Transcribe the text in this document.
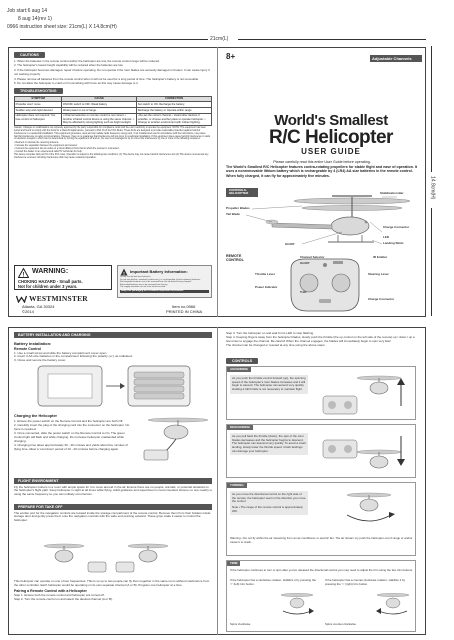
Job start:6 aug 14
8 aug 14(rev 1)
0966 instruction sheet size: 21cm(L) X 14.8cm(H)
21cm(L)
14.8cm(H)
CAUTIONS

1. When the batteries in the remote control and/or the helicopter are low, the remote control range will be reduced.

2. The helicopter's lowest height capability will be reduced when the batteries are low.

3. If the helicopter becomes damaged, repair it before operating. Do not operate if the rotor blades are seriously damaged or broken. It can cause injury if not working properly.

4. Please remove all batteries from the remote control when it will not be used for a long period of time. The helicopter's battery is not removable.

5. Do not allow the helicopter to crash or hit something with force as this may cause damage to it.

TROUBLESHOOTING
SYMPTOM	CAUSE	CORRECTION
Propeller won't move	ON/OFF switch is OFF. Weak battery	Set switch to ON. Recharge the battery.
Sudden stop and rapid descent	Weak power or out of range.	Recharge the battery or Operate within range.
Helicopter does not respond. You lose control of helicopter	• Channel selection on remote control is not correct. • Another infrared control device is using the same channel. • May be affected by strong lighting such as bright sunlight.	• Re-set the correct channel. • Avoid other devices if possible, or choose another place to operate helicopter. • Change to another environment with indirect lighting.

Caution: Changes or modifications not expressly approved by the party responsible for compliance could void the user's authority to operate the equipment. NOTE: This equipment has been tested and found to comply with the limits for a Class B digital device, pursuant to Part 15 of the FCC Rules. These limits are designed to provide reasonable protection against harmful interference in a residential installation. This equipment generates, uses and can radiate radio frequency energy and, if not installed and used in accordance with the instructions, may cause harmful interference to radio communications. However, there is no guarantee that interference will not occur in a particular installation. If this equipment does cause harmful interference to radio or television reception, which can be determined by turning the equipment off and on, the user is encouraged to try to correct the interference by one or more of the following measures:

• Reorient or relocate the receiving antenna.

• Increase the separation between the equipment and receiver.

• Connect the equipment into an outlet on a circuit different from that to which the receiver is connected.

• Consult the dealer or an experienced radio/TV technician for help.

This device complies with part 15 of the FCC rules. Operation is subject to the following two conditions: (1) This device may not cause harmful interference and (2) This device must accept any interference received, including interference that may cause undesired operation.

! WARNING:
CHOKING HAZARD - Small parts.
Not for children under 3 years.
! Important Battery Information:
Do not mix old and new batteries.
Do not mix alkaline, standard (carbon-zinc), or rechargeable (nickel-cadmium) batteries.
Rechargeable batteries are to be removed from the toy before being charged.
Exhausted batteries are to be removed from the toy.
The supply terminals are not to be short-circuited.
Keep this packaging as it contains important information.
WESTMINSTER
Atlanta, GA 30324
©2014
Item no.0966
PRINTED IN CHINA
8+	Adjustable Channels
World's Smallest
R/C Helicopter
USER GUIDE
Please carefully read this entire User Guide before operating.
The World's Smallest R/C Helicopter features contra-rotating propellers for stable flight and ease of operation. It uses a nonremovable lithium battery which is rechargeable by 4 (LR4) AA size batteries in the remote control. When fully charged, it can fly for approximately five minutes.
CONTROLS-HELICOPTER	Stabilization Bar
Propeller Blades
Tail Blade
Charge Connector
LED
Landing Skids
On/Off
REMOTE CONTROL
Channel Selector	IR Emitter
On/Off
Throttle Lever	Steering Lever
Power Indicator
Trim
Charge Connector
BATTERY INSTALLATION AND CHARGING
Battery Installation:
Remote Control

1. Use a small screw and slide the battery compartment cover open.

2. Insert 4 AA size batteries in the compartment following the polarity (+/-) as indicated.

3. Close and secure the battery cover.

Charging the Helicopter

1. Ensure the power switch on the Remote Control and the helicopter are both Off.

2. Carefully insert the plug of the charging cord into the connector on the helicopter. No force is required.

3. Once connected, slide the power switch on the Remote Control to On. The green Control light will flash and while charging. Do not leave helicopter unattended while charging.

4. Charging time takes approximately 30 - 40 minutes and yields about five minutes of flying time. Allow a 'cool down' period of 10 - 20 minutes before charging again.

FLIGHT ENVIRONMENT
Fly the helicopter indoors in a room with ample space for it to move around in the air. Ensure there are no people, animals, or potential obstacles to the helicopter's flight path. Keep helicopter in sight at all times while flying. Adult guidance and supervision is recommended. Ensure no one nearby is using the same frequency so you can unlikely occurrences.
PREPARE FOR TAKE OFF
The emitter port for the navigation controls are located inside the storage compartment of the remote control. Remove them from their holders inside storage door and gently press them onto the navigation controls with the wide end pointing outward. These grips make it easier to control the helicopter.
This helicopter can operate on one of two frequencies. This is so up to two people can fly them together in the same room without interference from the other controller. Each helicopter would be operating on its own separate channel (A or B). Program one helicopter at a time.
Pairing a Remote Control with a Helicopter

Step 1. Ensure both the remote control and helicopter are turned off.

Step 2. Turn the remote control on and select the desired channel (A or B).

Step 3. Turn the helicopter on and wait for its LED to stop flashing.

Step 4. Keeping fingers away from the helicopter blades, slowly push the throttle (the up control on the left side of the remote) up / down / up a few times to engage the channel. Be careful! When the channel engages, the blades will immediately begin to spin very fast!

The channel can be changed or reseted at any time using the above steps.

CONTROLS
ASCENDING
As you push the throttle control forward (up), the spinning speed of the helicopter's rotor blades increases and it will begin to ascend. The helicopter can ascend very quickly. Holding a full throttle is not necessary to maintain flight.
DESCENDING
As you pull back the throttle (down), the spin of the rotor blades decreases and the helicopter begins to descend. The helicopter can descend very quickly. To avoid a crash landing, slowly lower the throttle speed. Crash landings can damage your helicopter.
TURNING
As you move the directional control on the right side of the remote, the helicopter veers in the direction you move the control.
Note • The range of the remote control is approximately 20ft.
Warning • Do not fly within the air streaming from an air conditioner or electric fan. The air stream my push the helicopter out of range or and/or cause it to crash.
TRIM
If the helicopter continues to turn or spin after you've released the directional control you may need to adjust the trim using the two trim buttons.
If the helicopter has a clockwise rotation, stabilize it by pressing the '<' (left) trim button.
Spins clockwise
If the helicopter has a counter-clockwise rotation, stabilize it by pressing the '>' (right) trim button.
Spins counter-clockwise
